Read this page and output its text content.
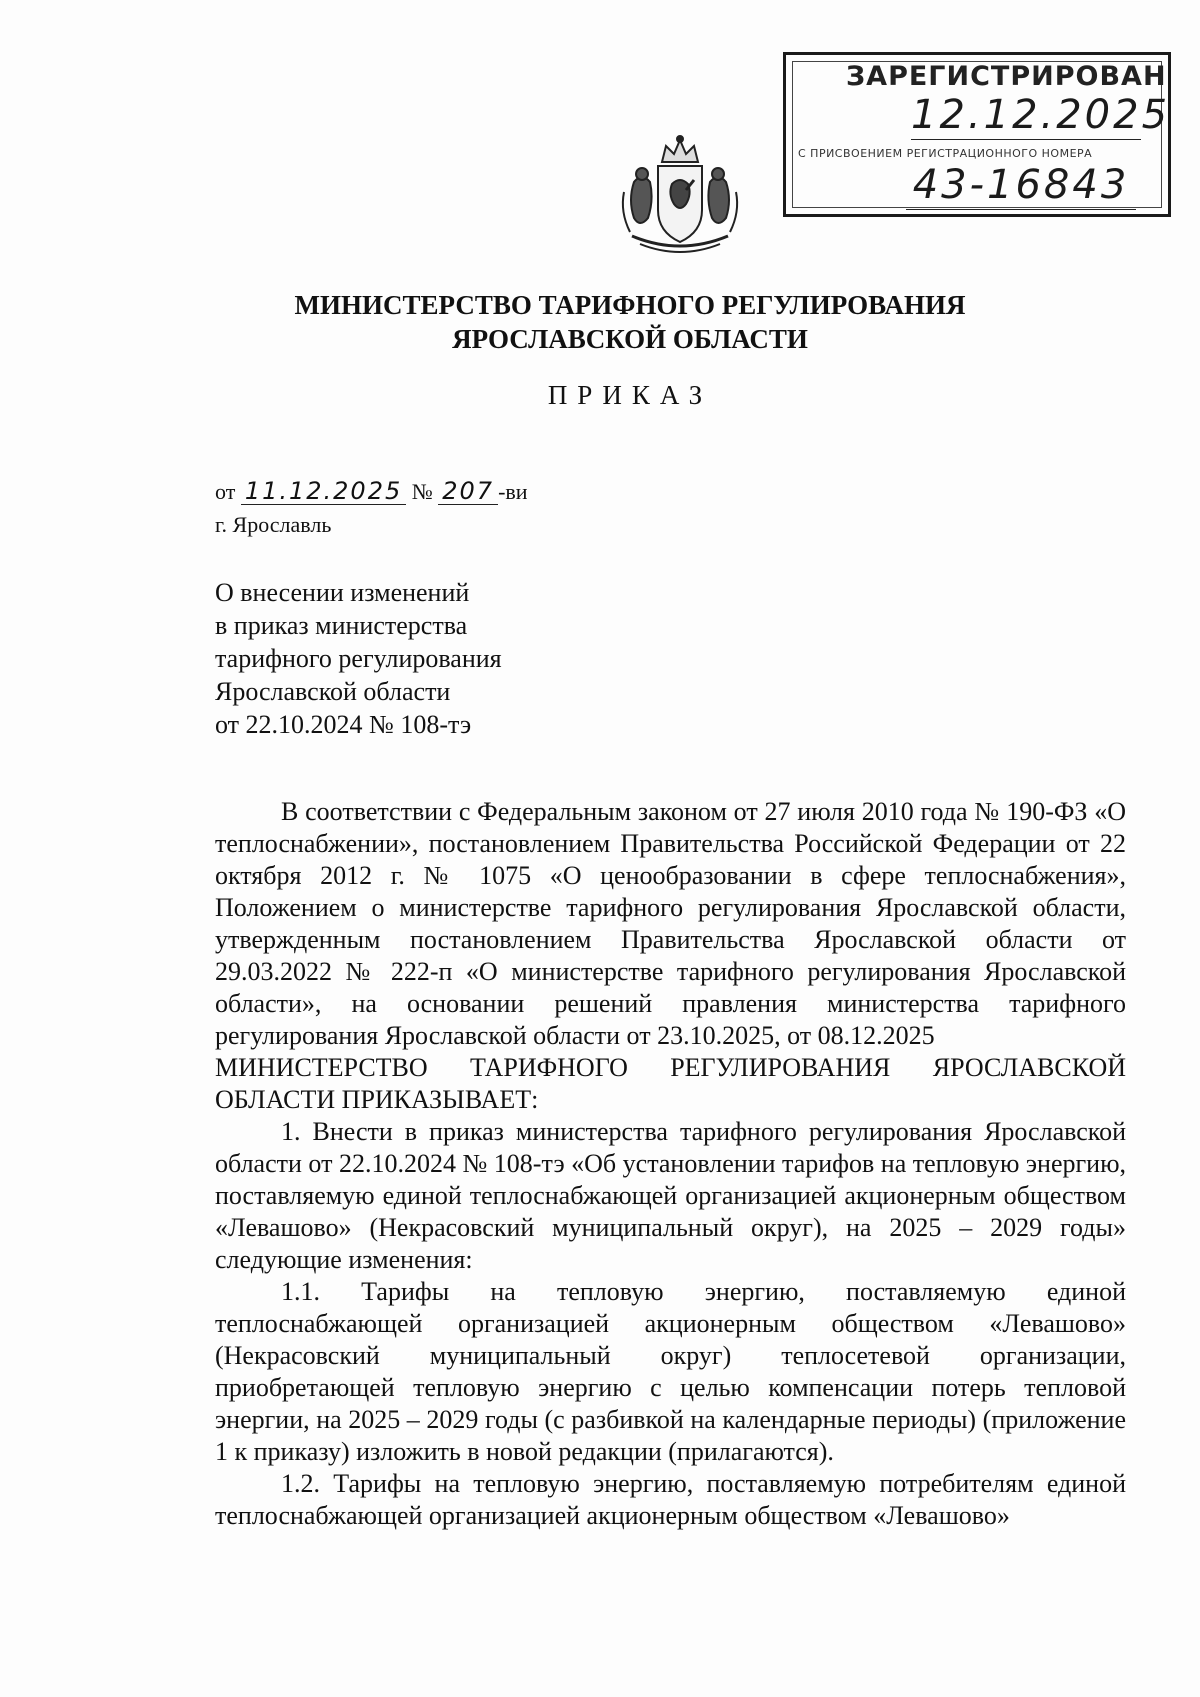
ЗАРЕГИСТРИРОВАН
12.12.2025
С ПРИСВОЕНИЕМ РЕГИСТРАЦИОННОГО НОМЕРА
43-16843
МИНИСТЕРСТВО ТАРИФНОГО РЕГУЛИРОВАНИЯ
ЯРОСЛАВСКОЙ ОБЛАСТИ
ПРИКАЗ
от 11.12.2025 № 207 -ви
г. Ярославль
О внесении изменений
в приказ министерства
тарифного регулирования
Ярославской области
от 22.10.2024 № 108-тэ

В соответствии с Федеральным законом от 27 июля 2010 года № 190-ФЗ «О теплоснабжении», постановлением Правительства Российской Федерации от 22 октября 2012 г. № 1075 «О ценообразовании в сфере теплоснабжения», Положением о министерстве тарифного регулирования Ярославской области, утвержденным постановлением Правительства Ярославской области от 29.03.2022 № 222-п «О министерстве тарифного регулирования Ярославской области», на основании решений правления министерства тарифного регулирования Ярославской области от 23.10.2025, от 08.12.2025

МИНИСТЕРСТВО ТАРИФНОГО РЕГУЛИРОВАНИЯ ЯРОСЛАВСКОЙ ОБЛАСТИ ПРИКАЗЫВАЕТ:

1. Внести в приказ министерства тарифного регулирования Ярославской области от 22.10.2024 № 108-тэ «Об установлении тарифов на тепловую энергию, поставляемую единой теплоснабжающей организацией акционерным обществом «Левашово» (Некрасовский муниципальный округ), на 2025 – 2029 годы» следующие изменения:

1.1. Тарифы на тепловую энергию, поставляемую единой теплоснабжающей организацией акционерным обществом «Левашово» (Некрасовский муниципальный округ) теплосетевой организации, приобретающей тепловую энергию с целью компенсации потерь тепловой энергии, на 2025 – 2029 годы (с разбивкой на календарные периоды) (приложение 1 к приказу) изложить в новой редакции (прилагаются).

1.2. Тарифы на тепловую энергию, поставляемую потребителям единой теплоснабжающей организацией акционерным обществом «Левашово»
